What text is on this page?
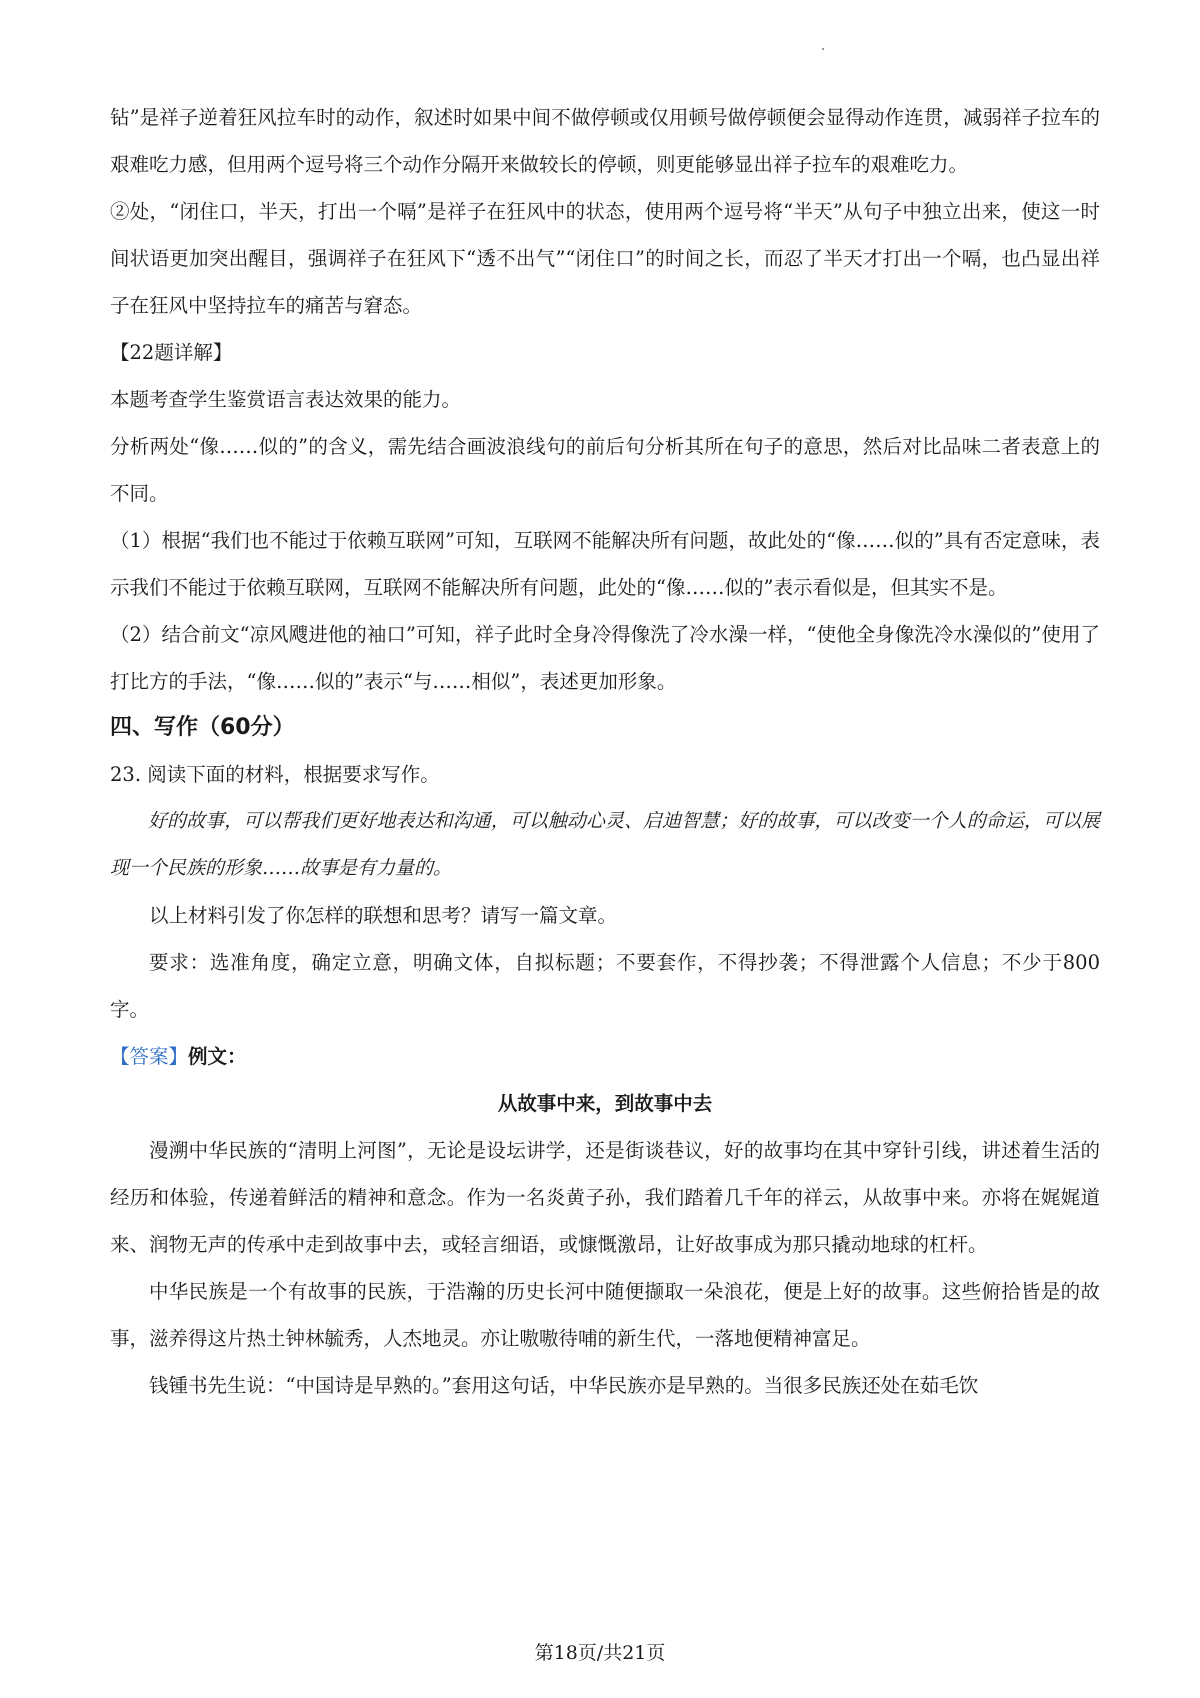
钻”是祥子逆着狂风拉车时的动作，叙述时如果中间不做停顿或仅用顿号做停顿便会显得动作连贯，减弱祥子拉车的艰难吃力感，但用两个逗号将三个动作分隔开来做较长的停顿，则更能够显出祥子拉车的艰难吃力。

②处，“闭住口，半天，打出一个嗝”是祥子在狂风中的状态，使用两个逗号将“半天”从句子中独立出来，使这一时间状语更加突出醒目，强调祥子在狂风下“透不出气”“闭住口”的时间之长，而忍了半天才打出一个嗝，也凸显出祥子在狂风中坚持拉车的痛苦与窘态。

【22题详解】

本题考查学生鉴赏语言表达效果的能力。

分析两处“像……似的”的含义，需先结合画波浪线句的前后句分析其所在句子的意思，然后对比品味二者表意上的不同。

（1）根据“我们也不能过于依赖互联网”可知，互联网不能解决所有问题，故此处的“像……似的”具有否定意味，表示我们不能过于依赖互联网，互联网不能解决所有问题，此处的“像……似的”表示看似是，但其实不是。

（2）结合前文“凉风飕进他的袖口”可知，祥子此时全身冷得像洗了冷水澡一样，“使他全身像洗冷水澡似的”使用了打比方的手法，“像……似的”表示“与……相似”，表述更加形象。

四、写作（60分）

23. 阅读下面的材料，根据要求写作。

好的故事，可以帮我们更好地表达和沟通，可以触动心灵、启迪智慧；好的故事，可以改变一个人的命运，可以展现一个民族的形象……故事是有力量的。

以上材料引发了你怎样的联想和思考？请写一篇文章。

要求：选准角度，确定立意，明确文体，自拟标题；不要套作，不得抄袭；不得泄露个人信息；不少于800字。

【答案】例文：

从故事中来，到故事中去

漫溯中华民族的“清明上河图”，无论是设坛讲学，还是街谈巷议，好的故事均在其中穿针引线，讲述着生活的经历和体验，传递着鲜活的精神和意念。作为一名炎黄子孙，我们踏着几千年的祥云，从故事中来。亦将在娓娓道来、润物无声的传承中走到故事中去，或轻言细语，或慷慨激昂，让好故事成为那只撬动地球的杠杆。

中华民族是一个有故事的民族，于浩瀚的历史长河中随便撷取一朵浪花，便是上好的故事。这些俯拾皆是的故事，滋养得这片热土钟林毓秀，人杰地灵。亦让嗷嗷待哺的新生代，一落地便精神富足。

钱锺书先生说：“中国诗是早熟的。”套用这句话，中华民族亦是早熟的。当很多民族还处在茹毛饮

第18页/共21页
